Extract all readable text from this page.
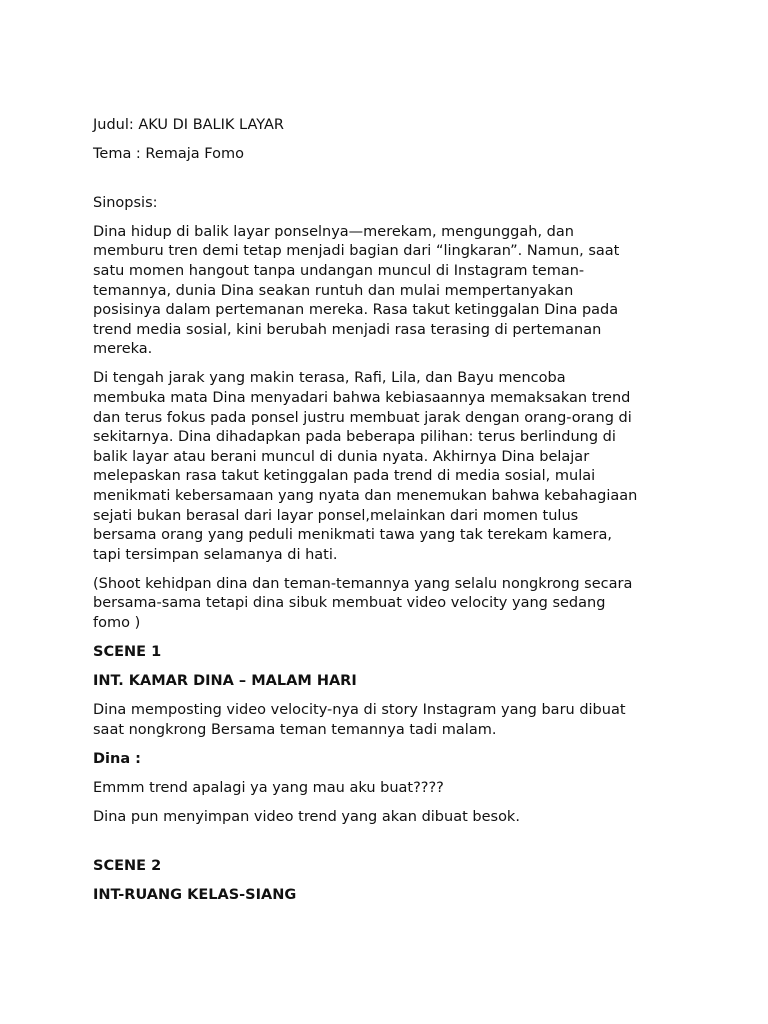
Judul: AKU DI BALIK LAYAR
Tema : Remaja Fomo
Sinopsis:
Dina hidup di balik layar ponselnya—merekam, mengunggah, dan
memburu tren demi tetap menjadi bagian dari “lingkaran”. Namun, saat
satu momen hangout tanpa undangan muncul di Instagram teman-
temannya, dunia Dina seakan runtuh dan mulai mempertanyakan
posisinya dalam pertemanan mereka. Rasa takut ketinggalan Dina pada
trend media sosial, kini berubah menjadi rasa terasing di pertemanan
mereka.
Di tengah jarak yang makin terasa, Rafi, Lila, dan Bayu mencoba
membuka mata Dina menyadari bahwa kebiasaannya memaksakan trend
dan terus fokus pada ponsel justru membuat jarak dengan orang-orang di
sekitarnya. Dina dihadapkan pada beberapa pilihan: terus berlindung di
balik layar atau berani muncul di dunia nyata. Akhirnya Dina belajar
melepaskan rasa takut ketinggalan pada trend di media sosial, mulai
menikmati kebersamaan yang nyata dan menemukan bahwa kebahagiaan
sejati bukan berasal dari layar ponsel,melainkan dari momen tulus
bersama orang yang peduli menikmati tawa yang tak terekam kamera,
tapi tersimpan selamanya di hati.
(Shoot kehidpan dina dan teman-temannya yang selalu nongkrong secara
bersama-sama tetapi dina sibuk membuat video velocity yang sedang
fomo )
SCENE 1
INT. KAMAR DINA – MALAM HARI
Dina memposting video velocity-nya di story Instagram yang baru dibuat
saat nongkrong Bersama teman temannya tadi malam.
Dina :
Emmm trend apalagi ya yang mau aku buat????
Dina pun menyimpan video trend yang akan dibuat besok.
SCENE 2
INT-RUANG KELAS-SIANG
